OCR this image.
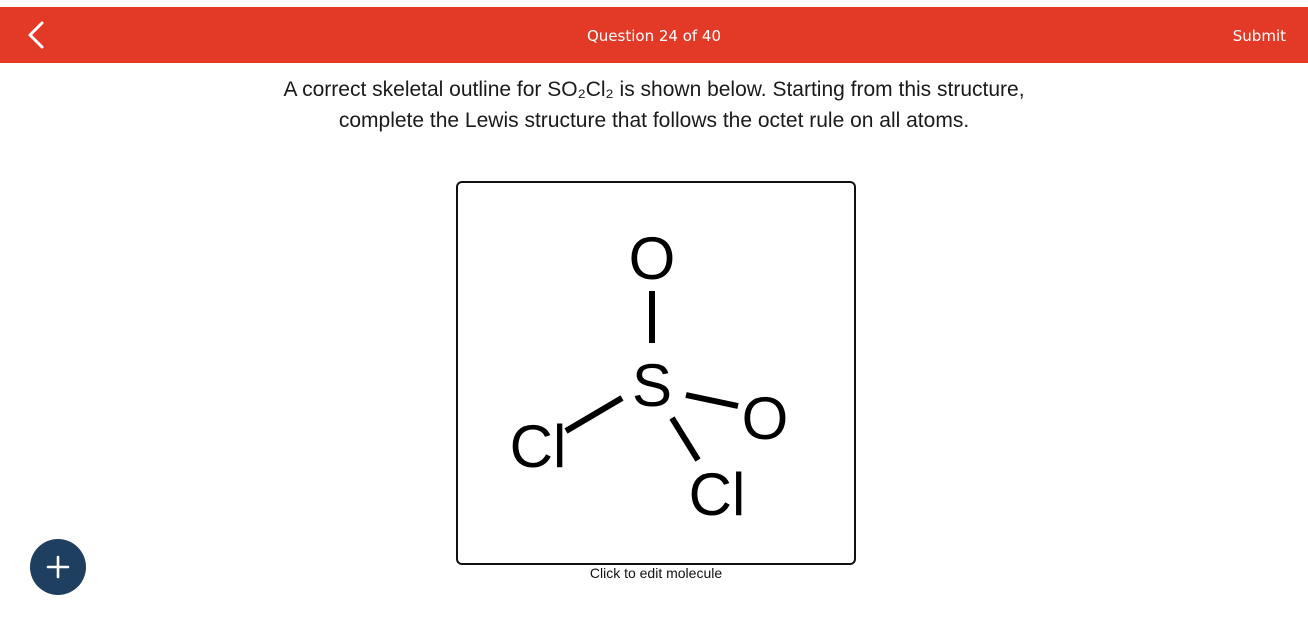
Question 24 of 40	Submit
A correct skeletal outline for SO₂Cl₂ is shown below. Starting from this structure,
complete the Lewis structure that follows the octet rule on all atoms.
O
S O
Cl
Cl
Click to edit molecule
